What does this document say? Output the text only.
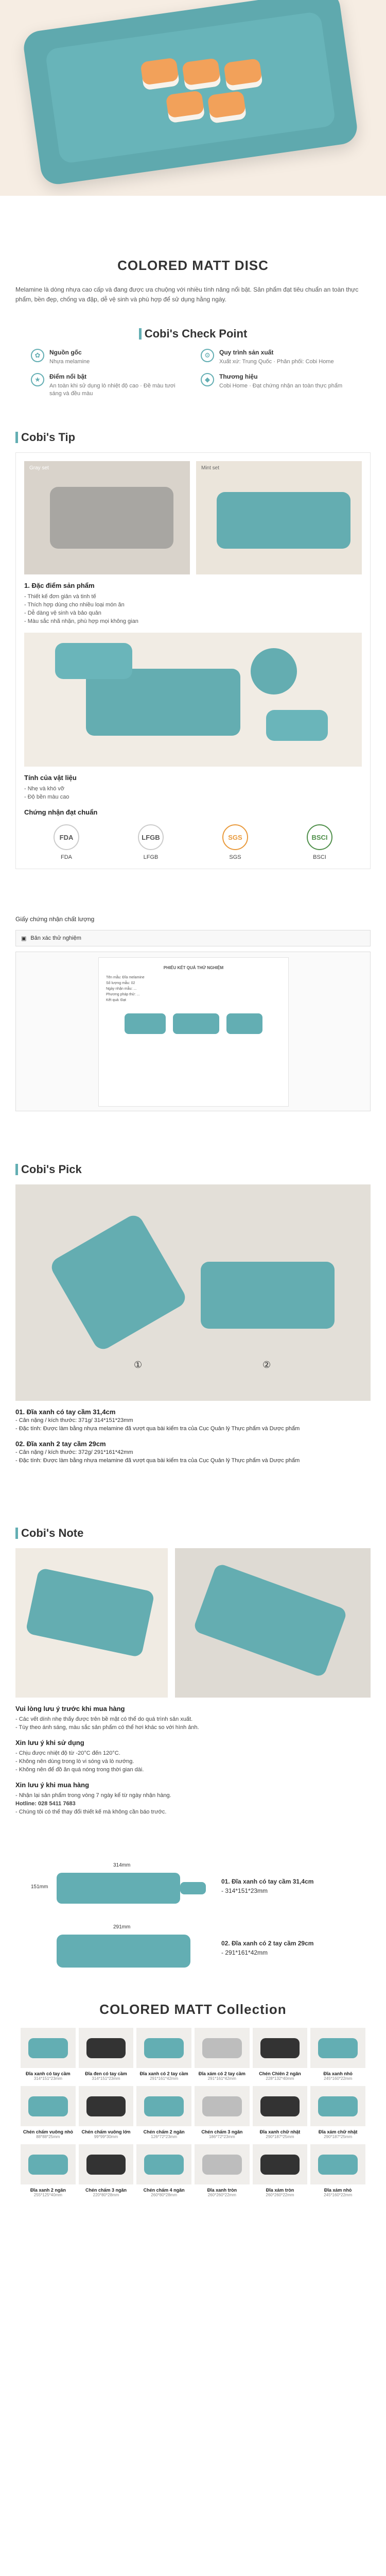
COLORED MATT DISC

Melamine là dòng nhựa cao cấp và đang được ưa chuộng với nhiều tính năng nổi bật. Sản phẩm đạt tiêu chuẩn an toàn thực phẩm, bền đẹp, chống va đập, dễ vệ sinh và phù hợp để sử dụng hằng ngày.

Cobi's Check Point
✿	Nguồn gốc

Nhựa melamine

⚙	Quy trình sản xuất

Xuất xứ: Trung Quốc · Phân phối: Cobi Home

★	Điểm nổi bật

An toàn khi sử dụng lò nhiệt độ cao · Đề màu tươi sáng và đều màu

◆	Thương hiệu

Cobi Home · Đạt chứng nhận an toàn thực phẩm

Cobi's Tip
Gray set	Mint set
1. Đặc điểm sản phẩm

- Thiết kế đơn giản và tinh tế

- Thích hợp dùng cho nhiều loại món ăn

- Dễ dàng vệ sinh và bảo quản

- Màu sắc nhã nhặn, phù hợp mọi không gian

Tính của vật liệu

- Nhẹ và khó vỡ

- Độ bền màu cao

Chứng nhận đạt chuẩn
FDA
FDA
LFGB
LFGB
SGS
SGS
BSCI
BSCI

Giấy chứng nhận chất lượng

▣ Bản xác thử nghiệm

PHIẾU KẾT QUẢ THỬ NGHIỆM

Tên mẫu: Đĩa melamine

Số lượng mẫu: 02

Ngày nhận mẫu: ...

Phương pháp thử: ...

Kết quả: Đạt

Cobi's Pick
①	②
01. Đĩa xanh có tay cầm 31,4cm

- Cân nặng / kích thước: 371g/ 314*151*23mm

- Đặc tính: Được làm bằng nhựa melamine đã vượt qua bài kiểm tra của Cục Quản lý Thực phẩm và Dược phẩm

02. Đĩa xanh 2 tay cầm 29cm

- Cân nặng / kích thước: 372g/ 291*161*42mm

- Đặc tính: Được làm bằng nhựa melamine đã vượt qua bài kiểm tra của Cục Quản lý Thực phẩm và Dược phẩm

Cobi's Note
Vui lòng lưu ý trước khi mua hàng

- Các vết dính nhẹ thấy được trên bề mặt có thể do quá trình sản xuất.

- Tùy theo ánh sáng, màu sắc sản phẩm có thể hơi khác so với hình ảnh.

Xin lưu ý khi sử dụng

- Chịu được nhiệt độ từ -20°C đến 120°C.

- Không nên dùng trong lò vi sóng và lò nướng.

- Không nên để đồ ăn quá nóng trong thời gian dài.

Xin lưu ý khi mua hàng

- Nhận lại sản phẩm trong vòng 7 ngày kể từ ngày nhận hàng.

Hotline: 028 5411 7683

- Chúng tôi có thể thay đổi thiết kế mà không cần báo trước.

314mm
151mm
291mm

01. Đĩa xanh có tay cầm 31,4cm

- 314*151*23mm

02. Đĩa xanh có 2 tay cầm 29cm

- 291*161*42mm

COLORED MATT Collection
Đĩa xanh có tay cầm
314*151*23mm
Đĩa đen có tay cầm
314*151*23mm
Đĩa xanh có 2 tay cầm
291*161*42mm
Đĩa xám có 2 tay cầm
291*161*42mm
Chén Chiên 2 ngăn
228*132*40mm
Đĩa xanh nhỏ
245*160*22mm
Chén chấm vuông nhỏ
88*88*25mm
Chén chấm vuông lớn
99*99*30mm
Chén chấm 2 ngăn
126*72*23mm
Chén chấm 3 ngăn
186*72*23mm
Đĩa xanh chữ nhật
290*187*25mm
Đĩa xám chữ nhật
290*187*25mm
Đĩa xanh 2 ngăn
255*125*40mm
Chén chấm 3 ngăn
220*80*28mm
Chén chấm 4 ngăn
260*80*28mm
Đĩa xanh tròn
260*260*22mm
Đĩa xám tròn
260*260*22mm
Đĩa xám nhỏ
245*160*22mm
